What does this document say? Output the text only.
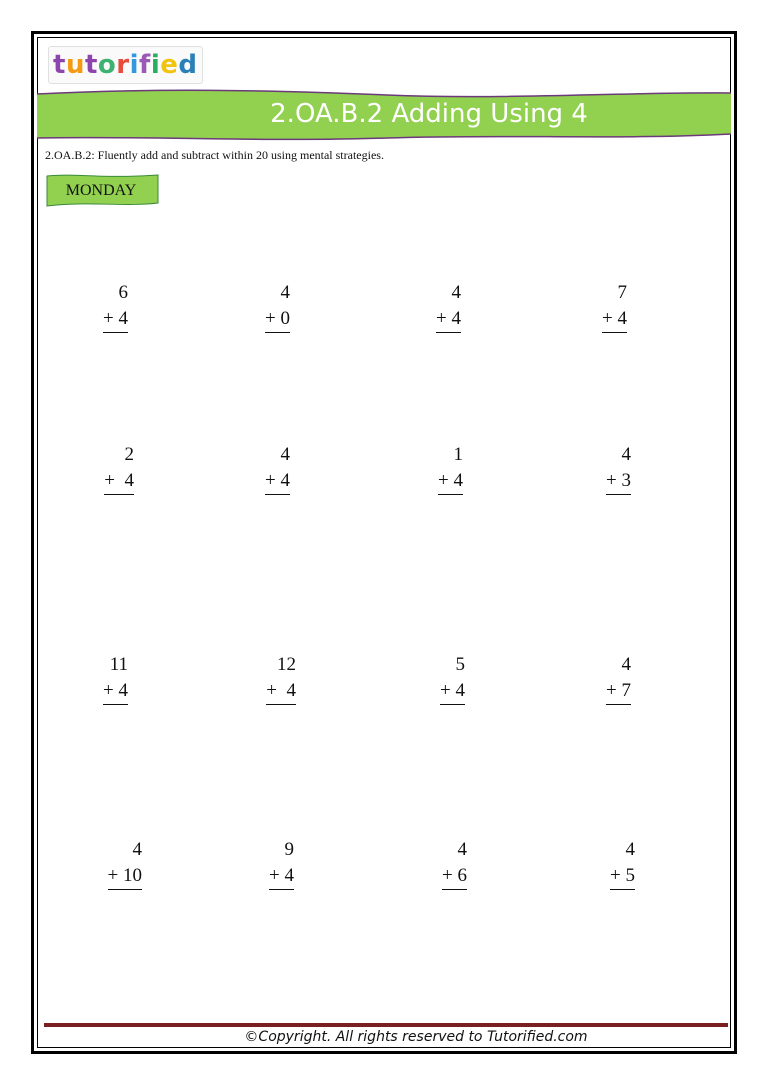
tutorified
2.OA.B.2 Adding Using 4
2.OA.B.2: Fluently add and subtract within 20 using mental strategies.
MONDAY
6
+ 4
4
+ 0
4
+ 4
7
+ 4
2
+  4
4
+ 4
1
+ 4
4
+ 3
11
+ 4
12
+  4
5
+ 4
4
+ 7
4
+ 10
9
+ 4
4
+ 6
4
+ 5
©Copyright. All rights reserved to Tutorified.com
